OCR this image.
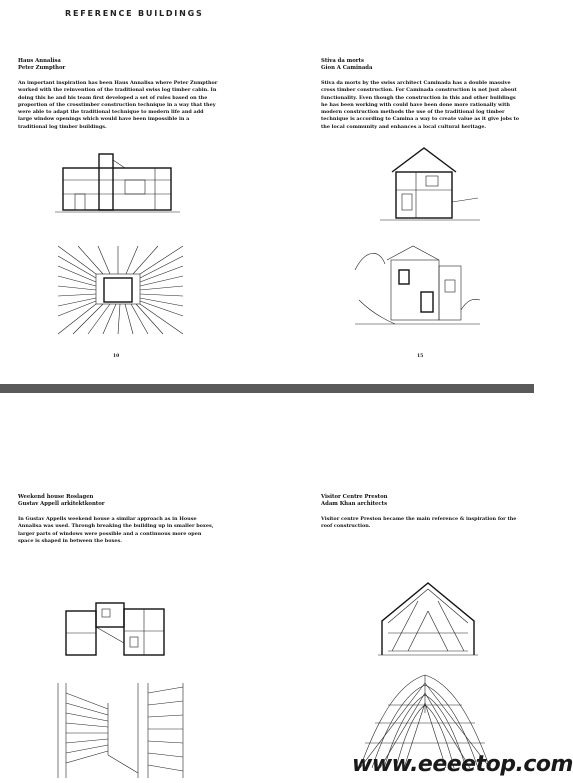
REFERENCE BUILDINGS
Haus Annalisa
Peter Zumpthor
An important inspiration has been Haus Annalisa where Peter Zumpthor worked with the reinvention of the traditional swiss log timber cabin. In doing this he and his team first developed a set of rules based on the proportion of the crosstimber construction technique in a way that they were able to adapt the traditional technique to modern life and add large window openings which would have been impossible in a traditional log timber buildings.
Stiva da morts
Gion A Caminada
Stiva da morts by the swiss architect Caminada has a double massive cross timber construction. For Caminada construction is not just about functionality. Even though the construction in this and other buildings he has been working with could have been done more rationally with modern construction methods the use of the traditional log timber technique is according to Camina a way to create value as it give jobs to the local community and enhances a local cultural heritage.
10	15
Weekend house Roslagen
Gustav Appell arkitektkontor
In Gustav Appells weekend house a similar approach as in House Annalisa was used. Through breaking the building up in smaller boxes, larger parts of windows were possible and a continuous more open space is shaped in between the boxes.
Visitor Centre Preston
Adam Khan architects
Visitor centre Preston became the main reference & inspiration for the roof construction.
www.eeeetop.com
